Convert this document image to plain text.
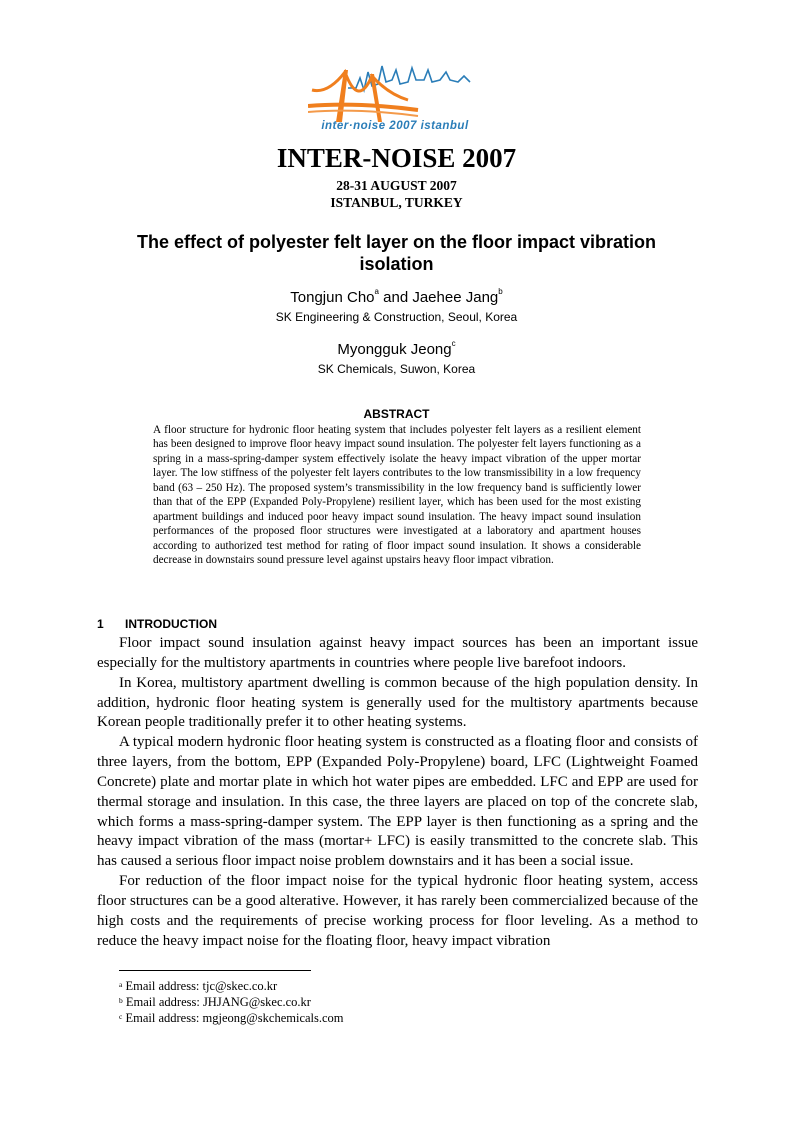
inter·noise 2007 istanbul
INTER-NOISE 2007
28-31 AUGUST 2007
ISTANBUL, TURKEY
The effect of polyester felt layer on the floor impact vibration isolation
Tongjun Cho$^a$ and Jaehee Jang$^b$
SK Engineering & Construction, Seoul, Korea
Myongguk Jeong$^c$
SK Chemicals, Suwon, Korea
ABSTRACT
A floor structure for hydronic floor heating system that includes polyester felt layers as a resilient element has been designed to improve floor heavy impact sound insulation. The polyester felt layers functioning as a spring in a mass-spring-damper system effectively isolate the heavy impact vibration of the upper mortar layer. The low stiffness of the polyester felt layers contributes to the low transmissibility in a low frequency band (63 – 250 Hz). The proposed system’s transmissibility in the low frequency band is sufficiently lower than that of the EPP (Expanded Poly-Propylene) resilient layer, which has been used for the most existing apartment buildings and induced poor heavy impact sound insulation. The heavy impact sound insulation performances of the proposed floor structures were investigated at a laboratory and apartment houses according to authorized test method for rating of floor impact sound insulation. It shows a considerable decrease in downstairs sound pressure level against upstairs heavy floor impact vibration.
1 INTRODUCTION

Floor impact sound insulation against heavy impact sources has been an important issue especially for the multistory apartments in countries where people live barefoot indoors.

In Korea, multistory apartment dwelling is common because of the high population density. In addition, hydronic floor heating system is generally used for the multistory apartments because Korean people traditionally prefer it to other heating systems.

A typical modern hydronic floor heating system is constructed as a floating floor and consists of three layers, from the bottom, EPP (Expanded Poly-Propylene) board, LFC (Lightweight Foamed Concrete) plate and mortar plate in which hot water pipes are embedded. LFC and EPP are used for thermal storage and insulation. In this case, the three layers are placed on top of the concrete slab, which forms a mass-spring-damper system. The EPP layer is then functioning as a spring and the heavy impact vibration of the mass (mortar+ LFC) is easily transmitted to the concrete slab. This has caused a serious floor impact noise problem downstairs and it has been a social issue.

For reduction of the floor impact noise for the typical hydronic floor heating system, access floor structures can be a good alterative. However, it has rarely been commercialized because of the high costs and the requirements of precise working process for floor leveling. As a method to reduce the heavy impact noise for the floating floor, heavy impact vibration

$^a$ Email address: tjc@skec.co.kr
$^b$ Email address: JHJANG@skec.co.kr
$^c$ Email address: mgjeong@skchemicals.com
